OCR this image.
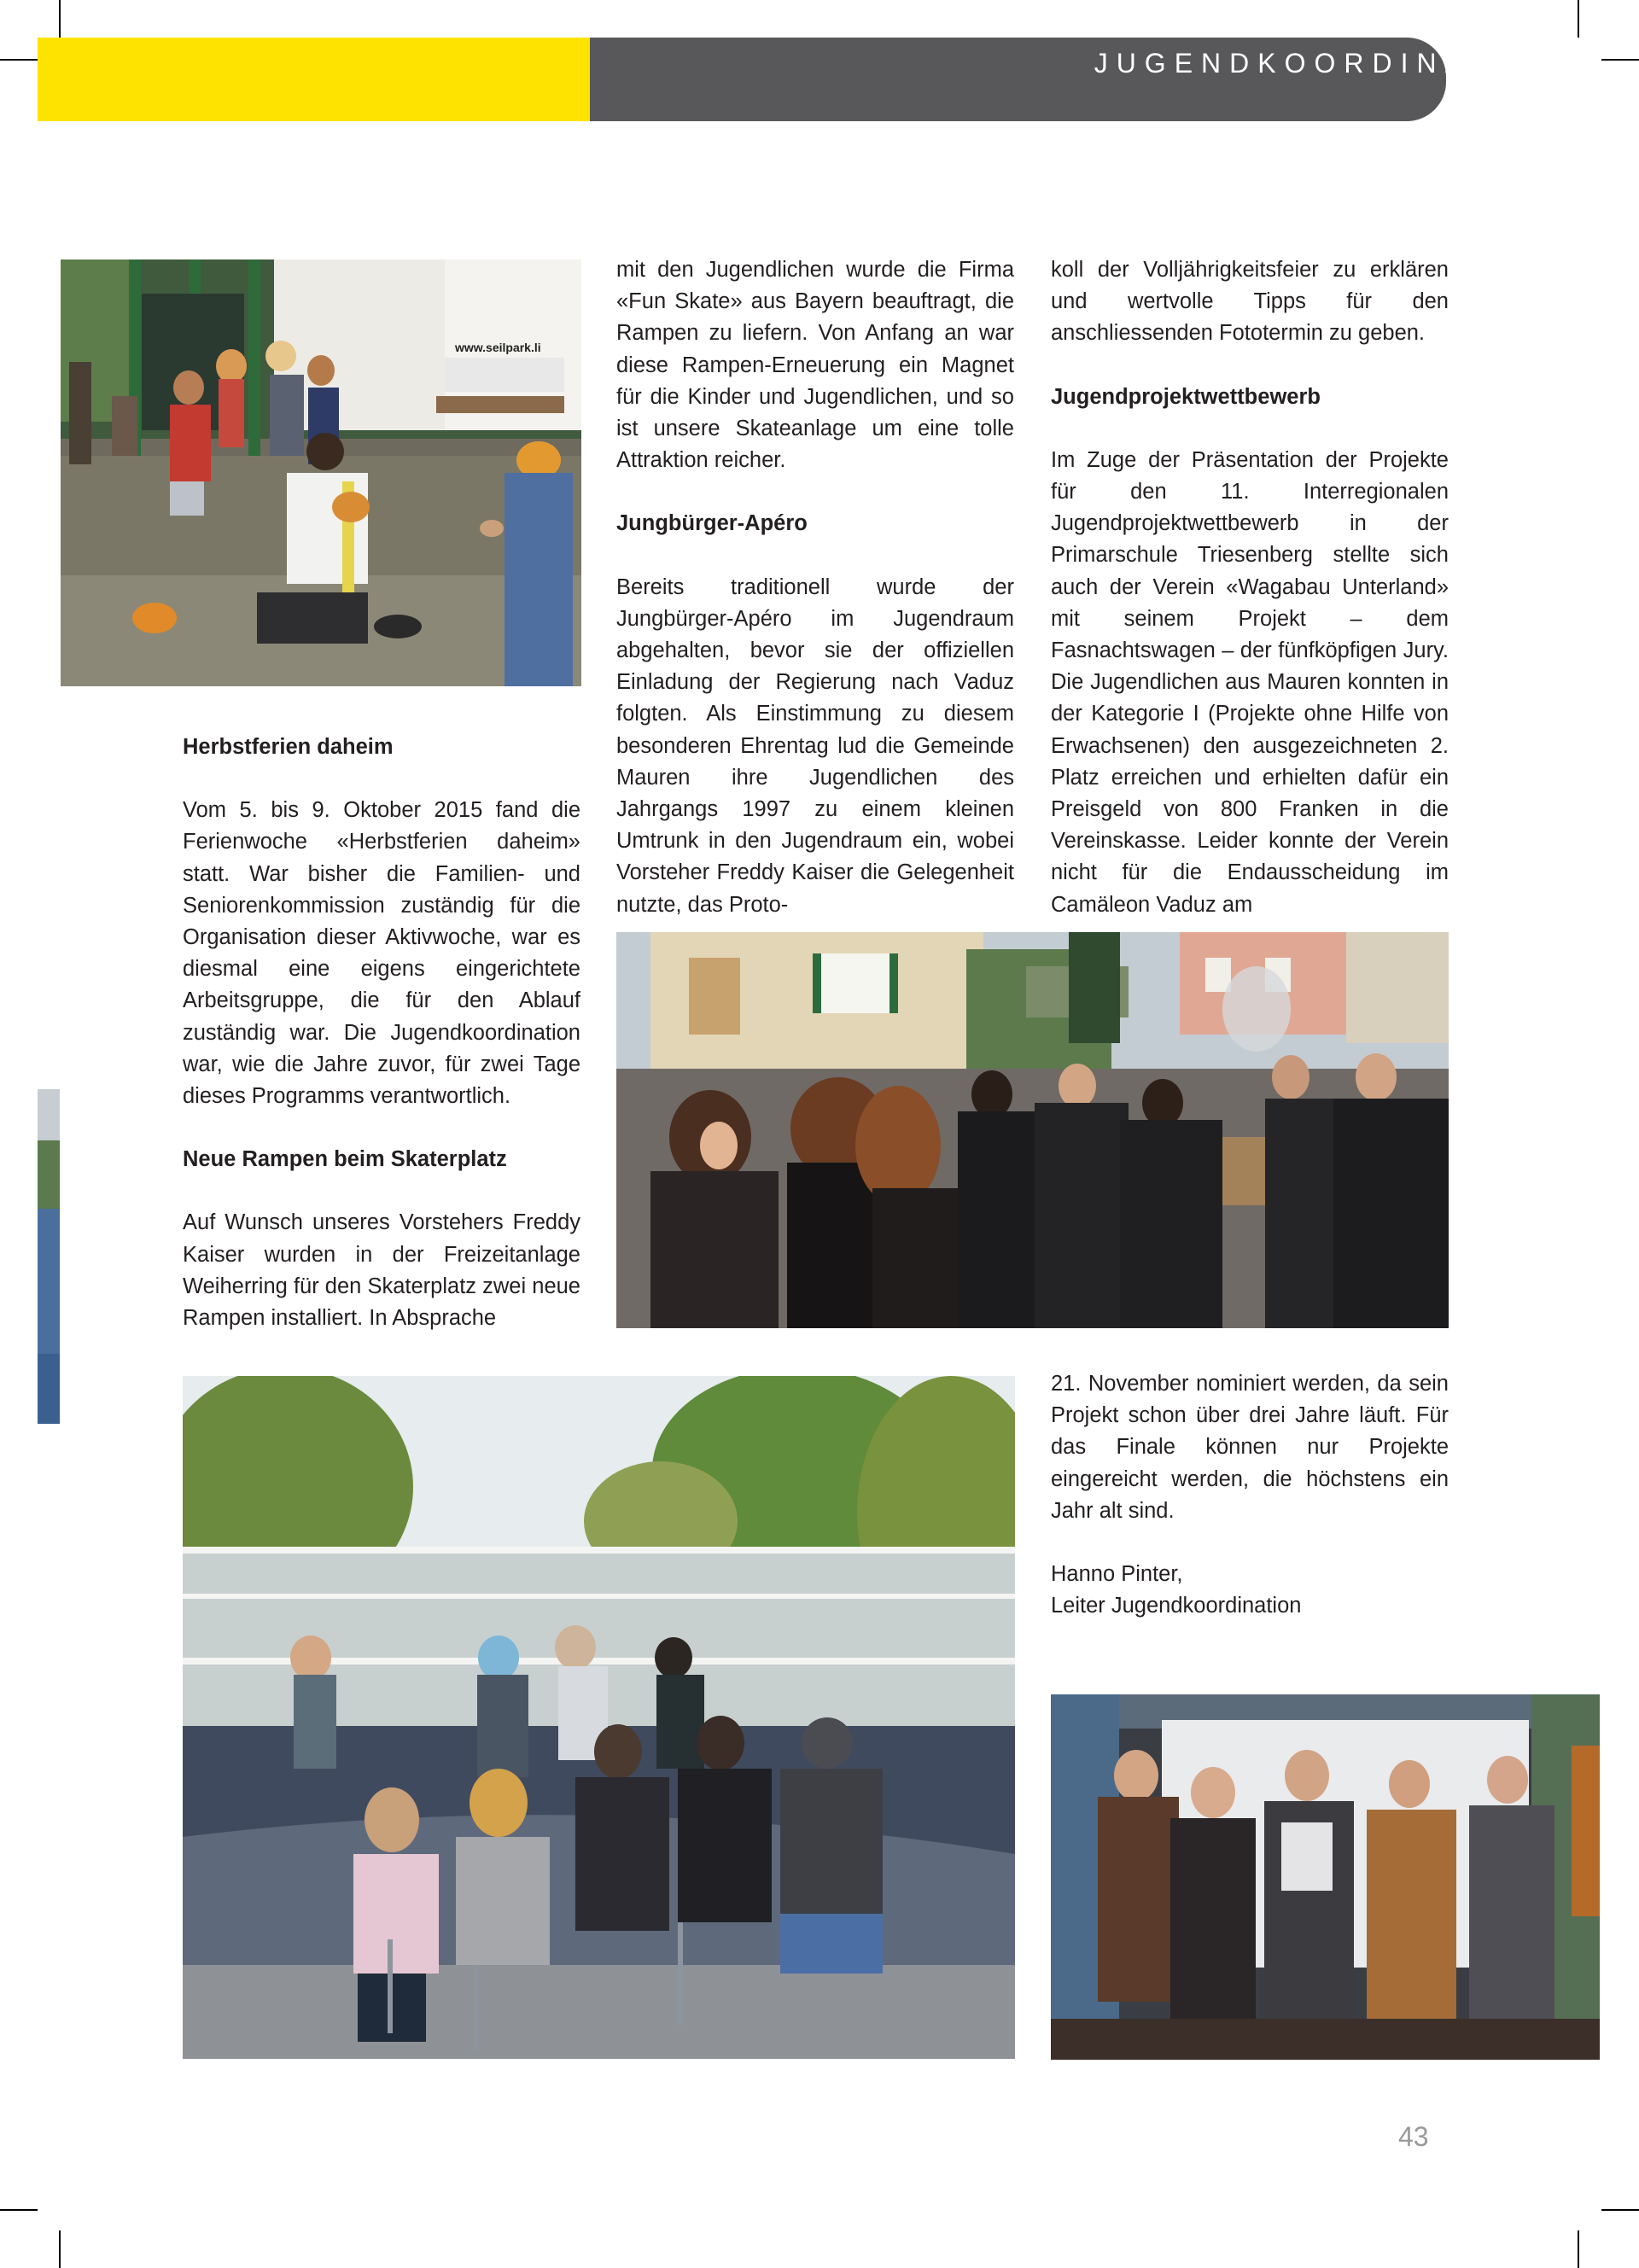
JUGENDKOORDINATION
www.seilpark.li
Herbstferien daheim

Vom 5. bis 9. Oktober 2015 fand die Ferienwoche «Herbstferien daheim» statt. War bisher die Familien- und Seniorenkommission zuständig für die Organisation dieser Aktivwoche, war es diesmal eine eigens eingerichtete Arbeitsgruppe, die für den Ablauf zuständig war. Die Jugendkoordination war, wie die Jahre zuvor, für zwei Tage dieses Programms verantwortlich.

Neue Rampen beim Skaterplatz

Auf Wunsch unseres Vorstehers Freddy Kaiser wurden in der Freizeitanlage Weiherring für den Skaterplatz zwei neue Rampen installiert. In Absprache

mit den Jugendlichen wurde die Firma «Fun Skate» aus Bayern beauftragt, die Rampen zu liefern. Von Anfang an war diese Rampen-Erneuerung ein Magnet für die Kinder und Jugendlichen, und so ist unsere Skateanlage um eine tolle Attraktion reicher.

Jungbürger-Apéro

Bereits traditionell wurde der Jungbürger-Apéro im Jugendraum abgehalten, bevor sie der offiziellen Einladung der Regierung nach Vaduz folgten. Als Einstimmung zu diesem besonderen Ehrentag lud die Gemeinde Mauren ihre Jugendlichen des Jahrgangs 1997 zu einem kleinen Umtrunk in den Jugendraum ein, wobei Vorsteher Freddy Kaiser die Gelegenheit nutzte, das Proto-

koll der Volljährigkeitsfeier zu erklären und wertvolle Tipps für den anschliessenden Fototermin zu geben.

Jugendprojektwettbewerb

Im Zuge der Präsentation der Projekte für den 11. Interregionalen Jugendprojektwettbewerb in der Primarschule Triesenberg stellte sich auch der Verein «Wagabau Unterland» mit seinem Projekt – dem Fasnachtswagen – der fünfköpfigen Jury. Die Jugendlichen aus Mauren konnten in der Kategorie I (Projekte ohne Hilfe von Erwachsenen) den ausgezeichneten 2. Platz erreichen und erhielten dafür ein Preisgeld von 800 Franken in die Vereinskasse. Leider konnte der Verein nicht für die Endausscheidung im Camäleon Vaduz am

21. November nominiert werden, da sein Projekt schon über drei Jahre läuft. Für das Finale können nur Projekte eingereicht werden, die höchstens ein Jahr alt sind.

Hanno Pinter,

Leiter Jugendkoordination

43
